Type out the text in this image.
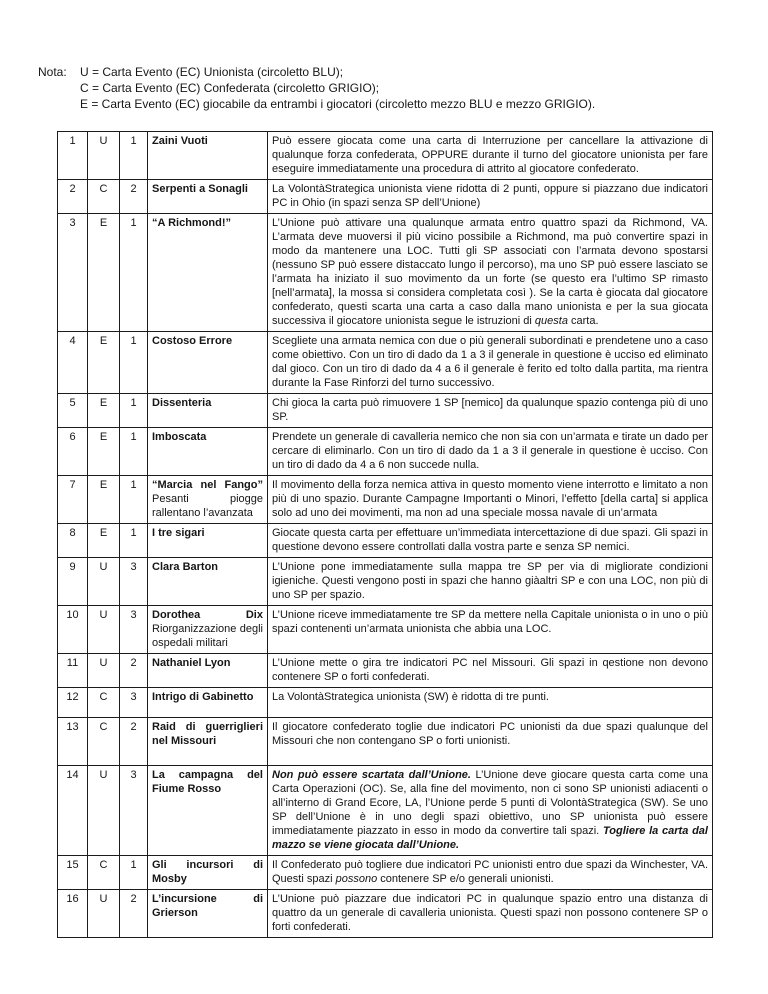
Nota:	U = Carta Evento (EC) Unionista (circoletto BLU);
C = Carta Evento (EC) Confederata (circoletto GRIGIO);
E = Carta Evento (EC) giocabile da entrambi i giocatori (circoletto mezzo BLU e mezzo GRIGIO).
1	U	1	Zaini Vuoti	Può essere giocata come una carta di Interruzione per cancellare la attivazione di qualunque forza confederata, OPPURE durante il turno del giocatore unionista per fare eseguire immediatamente una procedura di attrito al giocatore confederato.
2	C	2	Serpenti a Sonagli	La VolontàStrategica unionista viene ridotta di 2 punti, oppure si piazzano due indicatori PC in Ohio (in spazi senza SP dell’Unione)
3	E	1	“A Richmond!”	L’Unione può attivare una qualunque armata entro quattro spazi da Richmond, VA. L’armata deve muoversi il più vicino possibile a Richmond, ma può convertire spazi in modo da mantenere una LOC. Tutti gli SP associati con l’armata devono spostarsi (nessuno SP può essere distaccato lungo il percorso), ma uno SP può essere lasciato se l’armata ha iniziato il suo movimento da un forte (se questo era l’ultimo SP rimasto [nell’armata], la mossa si considera completata così ). Se la carta è giocata dal giocatore confederato, questi scarta una carta a caso dalla mano unionista e per la sua giocata successiva il giocatore unionista segue le istruzioni di questa carta.
4	E	1	Costoso Errore	Scegliete una armata nemica con due o più generali subordinati e prendetene uno a caso come obiettivo. Con un tiro di dado da 1 a 3 il generale in questione è ucciso ed eliminato dal gioco. Con un tiro di dado da 4 a 6 il generale è ferito ed tolto dalla partita, ma rientra durante la Fase Rinforzi del turno successivo.
5	E	1	Dissenteria	Chi gioca la carta può rimuovere 1 SP [nemico] da qualunque spazio contenga più di uno SP.
6	E	1	Imboscata	Prendete un generale di cavalleria nemico che non sia con un’armata e tirate un dado per cercare di eliminarlo. Con un tiro di dado da 1 a 3 il generale in questione è ucciso. Con un tiro di dado da 4 a 6 non succede nulla.
7	E	1	“Marcia nel Fango” Pesanti piogge rallentano l’avanzata	Il movimento della forza nemica attiva in questo momento viene interrotto e limitato a non più di uno spazio. Durante Campagne Importanti o Minori, l’effetto [della carta] si applica solo ad uno dei movimenti, ma non ad una speciale mossa navale di un’armata
8	E	1	I tre sigari	Giocate questa carta per effettuare un’immediata intercettazione di due spazi. Gli spazi in questione devono essere controllati dalla vostra parte e senza SP nemici.
9	U	3	Clara Barton	L’Unione pone immediatamente sulla mappa tre SP per via di migliorate condizioni igieniche. Questi vengono posti in spazi che hanno giàaltri SP e con una LOC, non più di uno SP per spazio.
10	U	3	Dorothea Dix Riorganizzazione degli ospedali militari	L’Unione riceve immediatamente tre SP da mettere nella Capitale unionista o in uno o più spazi contenenti un’armata unionista che abbia una LOC.
11	U	2	Nathaniel Lyon	L’Unione mette o gira tre indicatori PC nel Missouri. Gli spazi in qestione non devono contenere SP o forti confederati.
12	C	3	Intrigo di Gabinetto	La VolontàStrategica unionista (SW) è ridotta di tre punti.
13	C	2	Raid di guerriglieri nel Missouri	Il giocatore confederato toglie due indicatori PC unionisti da due spazi qualunque del Missouri che non contengano SP o forti unionisti.
14	U	3	La campagna del Fiume Rosso	Non può essere scartata dall’Unione. L’Unione deve giocare questa carta come una Carta Operazioni (OC). Se, alla fine del movimento, non ci sono SP unionisti adiacenti o all’interno di Grand Ecore, LA, l’Unione perde 5 punti di VolontàStrategica (SW). Se uno SP dell’Unione è in uno degli spazi obiettivo, uno SP unionista può essere immediatamente piazzato in esso in modo da convertire tali spazi. Togliere la carta dal mazzo se viene giocata dall’Unione.
15	C	1	Gli incursori di Mosby	Il Confederato può togliere due indicatori PC unionisti entro due spazi da Winchester, VA. Questi spazi possono contenere SP e/o generali unionisti.
16	U	2	L’incursione di Grierson	L’Unione può piazzare due indicatori PC in qualunque spazio entro una distanza di quattro da un generale di cavalleria unionista. Questi spazi non possono contenere SP o forti confederati.
